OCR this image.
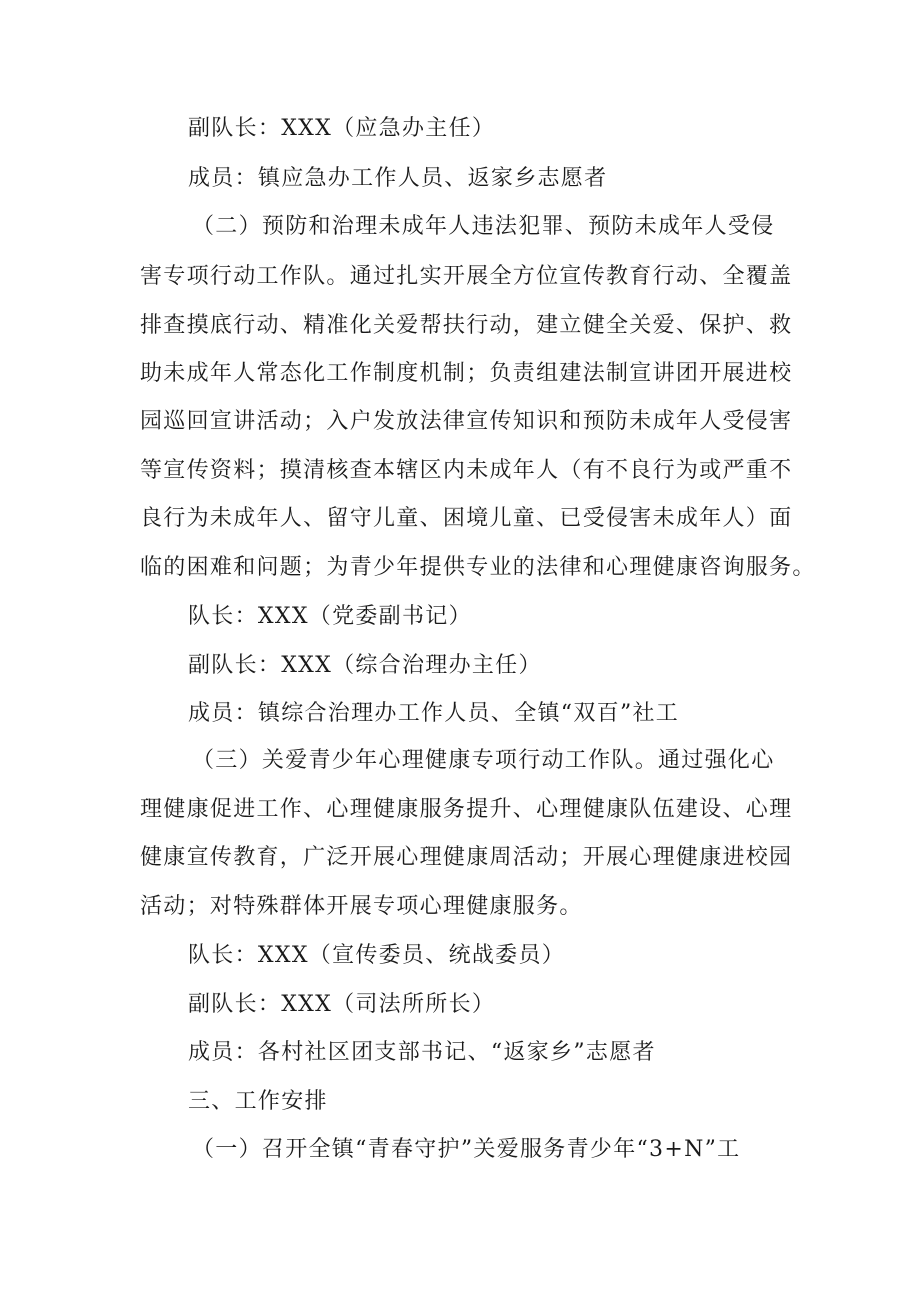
副队长：XXX（应急办主任）
成员：镇应急办工作人员、返家乡志愿者
（二）预防和治理未成年人违法犯罪、预防未成年人受侵
害专项行动工作队。通过扎实开展全方位宣传教育行动、全覆盖
排查摸底行动、精准化关爱帮扶行动，建立健全关爱、保护、救
助未成年人常态化工作制度机制；负责组建法制宣讲团开展进校
园巡回宣讲活动；入户发放法律宣传知识和预防未成年人受侵害
等宣传资料；摸清核查本辖区内未成年人（有不良行为或严重不
良行为未成年人、留守儿童、困境儿童、已受侵害未成年人）面
临的困难和问题；为青少年提供专业的法律和心理健康咨询服务。
队长：XXX（党委副书记）
副队长：XXX（综合治理办主任）
成员：镇综合治理办工作人员、全镇“双百”社工
（三）关爱青少年心理健康专项行动工作队。通过强化心
理健康促进工作、心理健康服务提升、心理健康队伍建设、心理
健康宣传教育，广泛开展心理健康周活动；开展心理健康进校园
活动；对特殊群体开展专项心理健康服务。
队长：XXX（宣传委员、统战委员）
副队长：XXX（司法所所长）
成员：各村社区团支部书记、“返家乡”志愿者
三、工作安排
（一）召开全镇“青春守护”关爱服务青少年“3+N”工
